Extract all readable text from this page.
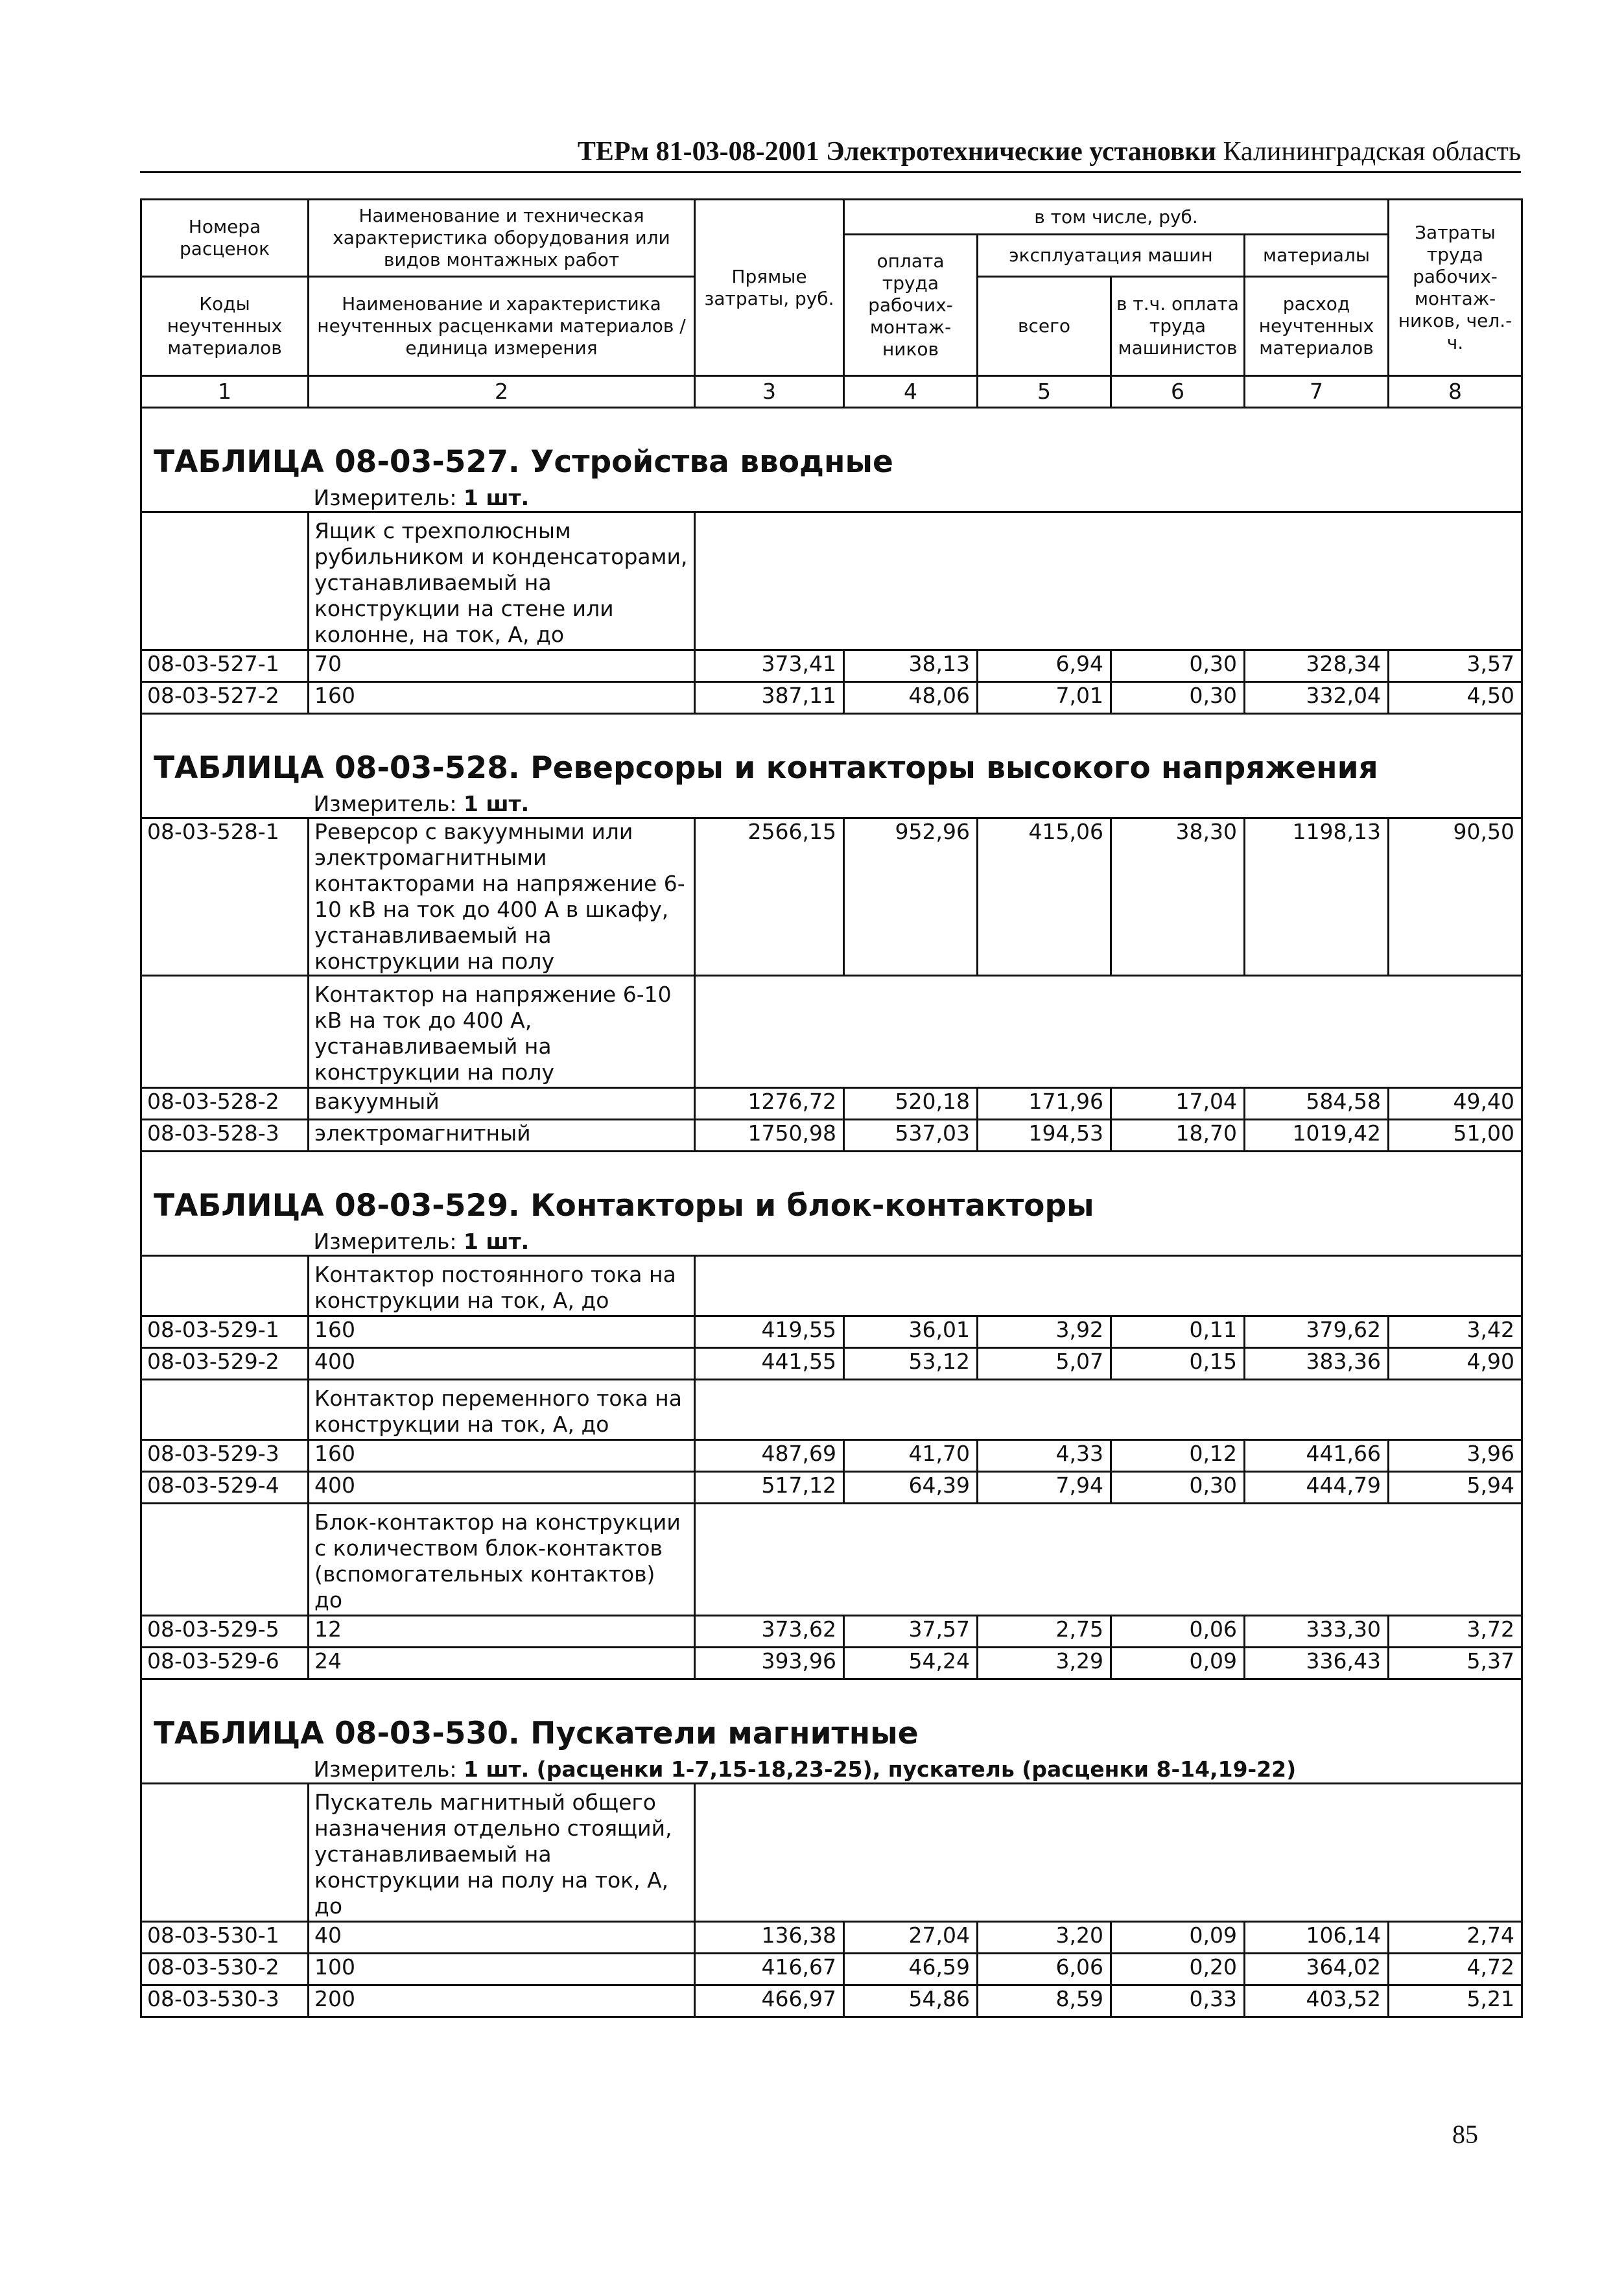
ТЕРм 81-03-08-2001 Электротехнические установки Калининградская область
Номера расценок	Наименование и техническая характеристика оборудования или видов монтажных работ	Прямые затраты, руб.	в том числе, руб.				Затраты труда рабочих-монтаж-ников, чел.-ч.
			оплата труда рабочих-монтаж-ников	эксплуатация машин		материалы	
Коды неучтенных материалов	Наименование и характеристика неучтенных расценками материалов / единица измерения			всего	в т.ч. оплата труда машинистов	расход неучтенных материалов	

1	2	3	4	5	6	7	8
ТАБЛИЦА 08-03-527. Устройства вводные							
	Измеритель: 1 шт.						
	Ящик с трехполюсным рубильником и конденсаторами, устанавливаемый на конструкции на стене или колонне, на ток, А, до						
08-03-527-1	70	373,41	38,13	6,94	0,30	328,34	3,57
08-03-527-2	160	387,11	48,06	7,01	0,30	332,04	4,50
ТАБЛИЦА 08-03-528. Реверсоры и контакторы высокого напряжения							
	Измеритель: 1 шт.						
08-03-528-1	Реверсор с вакуумными или электромагнитными контакторами на напряжение 6-10 кВ на ток до 400 А в шкафу, устанавливаемый на конструкции на полу	2566,15	952,96	415,06	38,30	1198,13	90,50
	Контактор на напряжение 6-10 кВ на ток до 400 А, устанавливаемый на конструкции на полу						
08-03-528-2	вакуумный	1276,72	520,18	171,96	17,04	584,58	49,40
08-03-528-3	электромагнитный	1750,98	537,03	194,53	18,70	1019,42	51,00
ТАБЛИЦА 08-03-529. Контакторы и блок-контакторы							
	Измеритель: 1 шт.						
	Контактор постоянного тока на конструкции на ток, А, до						
08-03-529-1	160	419,55	36,01	3,92	0,11	379,62	3,42
08-03-529-2	400	441,55	53,12	5,07	0,15	383,36	4,90
	Контактор переменного тока на конструкции на ток, А, до						
08-03-529-3	160	487,69	41,70	4,33	0,12	441,66	3,96
08-03-529-4	400	517,12	64,39	7,94	0,30	444,79	5,94
	Блок-контактор на конструкции с количеством блок-контактов (вспомогательных контактов) до						
08-03-529-5	12	373,62	37,57	2,75	0,06	333,30	3,72
08-03-529-6	24	393,96	54,24	3,29	0,09	336,43	5,37
ТАБЛИЦА 08-03-530. Пускатели магнитные							
	Измеритель: 1 шт. (расценки 1-7,15-18,23-25), пускатель (расценки 8-14,19-22)						
	Пускатель магнитный общего назначения отдельно стоящий, устанавливаемый на конструкции на полу на ток, А, до						
08-03-530-1	40	136,38	27,04	3,20	0,09	106,14	2,74
08-03-530-2	100	416,67	46,59	6,06	0,20	364,02	4,72
08-03-530-3	200	466,97	54,86	8,59	0,33	403,52	5,21
85
